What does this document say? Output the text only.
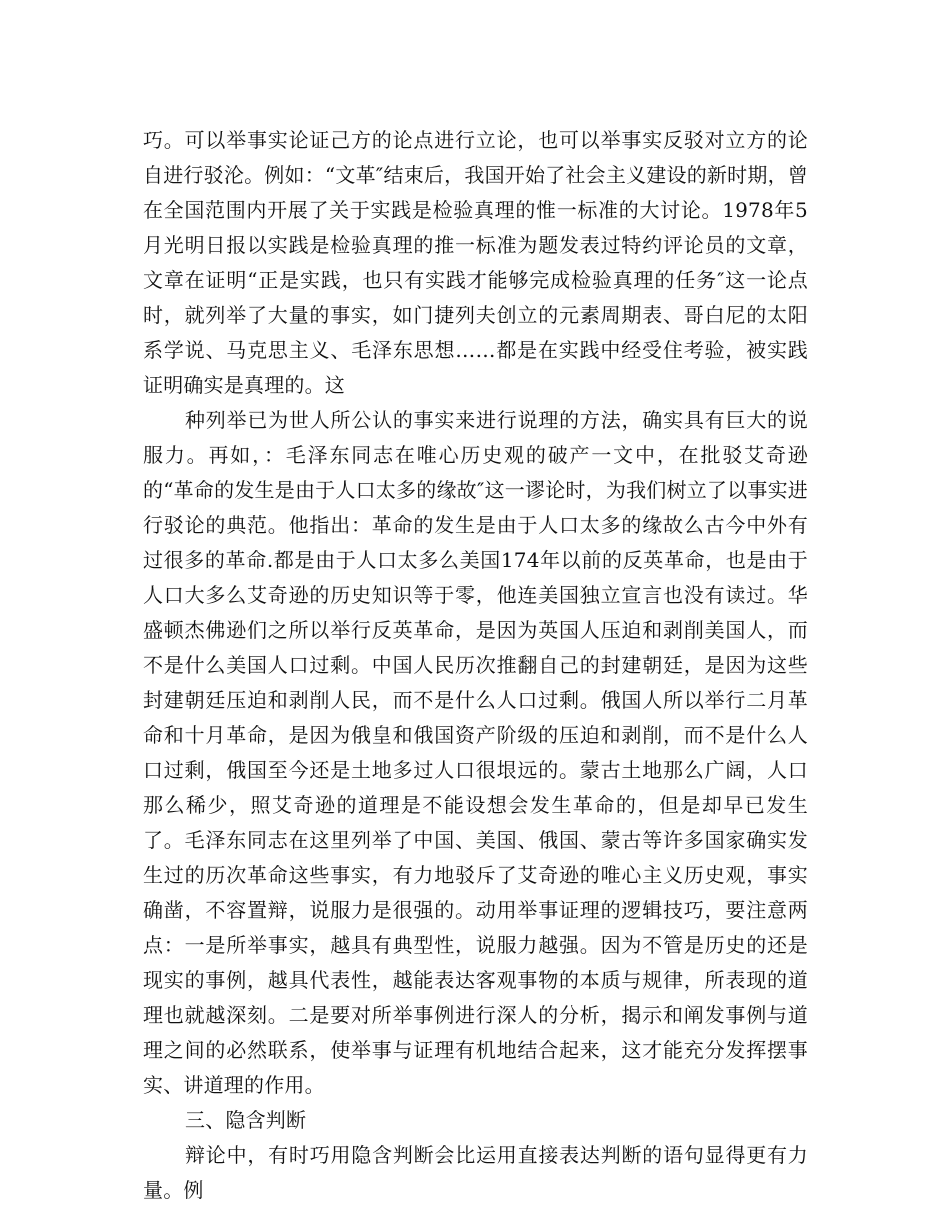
巧。可以举事实论证己方的论点进行立论，也可以举事实反驳对立方的论自进行驳沦。例如：“文革″结束后，我国开始了社会主义建设的新时期，曾在全国范围内开展了关于实践是检验真理的惟一标准的大讨论。1978年5月光明日报以实践是检验真理的推一标准为题发表过特约评论员的文章，文章在证明“正是实践，也只有实践才能够完成检验真理的任务″这一论点时，就列举了大量的事实，如门捷列夫创立的元素周期表、哥白尼的太阳系学说、马克思主义、毛泽东思想……都是在实践中经受住考验，被实践证明确实是真理的。这

种列举已为世人所公认的事实来进行说理的方法，确实具有巨大的说服力。再如，：毛泽东同志在唯心历史观的破产一文中，在批驳艾奇逊的“革命的发生是由于人口太多的缘故″这一谬论时，为我们树立了以事实进行驳论的典范。他指出：革命的发生是由于人口太多的缘故么古今中外有过很多的革命.都是由于人口太多么美国174年以前的反英革命，也是由于人口大多么艾奇逊的历史知识等于零，他连美国独立宣言也没有读过。华盛顿杰佛逊们之所以举行反英革命，是因为英国人压迫和剥削美国人，而不是什么美国人口过剩。中国人民历次推翻自己的封建朝廷，是因为这些封建朝廷压迫和剥削人民，而不是什么人口过剩。俄国人所以举行二月革命和十月革命，是因为俄皇和俄国资产阶级的压迫和剥削，而不是什么人口过剩，俄国至今还是土地多过人口很垠远的。蒙古土地那么广阔，人口那么稀少，照艾奇逊的道理是不能设想会发生革命的，但是却早已发生了。毛泽东同志在这里列举了中国、美国、俄国、蒙古等许多国家确实发生过的历次革命这些事实，有力地驳斥了艾奇逊的唯心主义历史观，事实确凿，不容置辩，说服力是很强的。动用举事证理的逻辑技巧，要注意两点：一是所举事实，越具有典型性，说服力越强。因为不管是历史的还是现实的事例，越具代表性，越能表达客观事物的本质与规律，所表现的道理也就越深刻。二是要对所举事例进行深人的分析，揭示和阐发事例与道理之间的必然联系，使举事与证理有机地结合起来，这才能充分发挥摆事实、讲道理的作用。

三、隐含判断

辩论中，有时巧用隐含判断会比运用直接表达判断的语句显得更有力量。例
